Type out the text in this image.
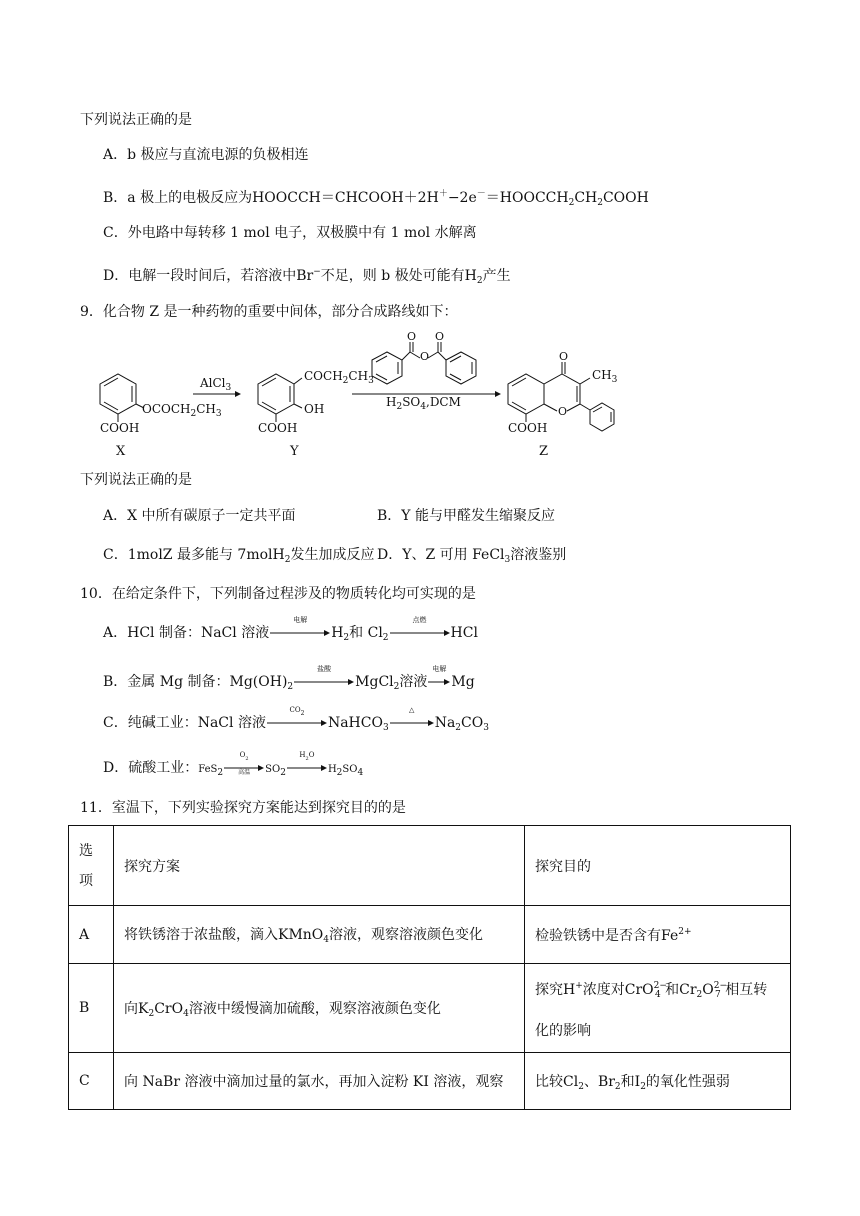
下列说法正确的是
A．b 极应与直流电源的负极相连
B．a 极上的电极反应为$HOOCCH=CHCOOH+2H^+-2e^-=HOOCCH_2CH_2COOH$
C．外电路中每转移 1 mol 电子，双极膜中有 1 mol 水解离
D．电解一段时间后，若溶液中Br−不足，则 b 极处可能有$H_2$产生
9．化合物 Z 是一种药物的重要中间体，部分合成路线如下：
$OCOCH_2CH_3$
COOH
X
AlCl$_3$
$COCH_2CH_3$
OH
COOH
Y
O
O O
$H_2SO_4,DCM$
O
O
$CH_3$
COOH
Z
下列说法正确的是
A．X 中所有碳原子一定共平面	B．Y 能与甲醛发生缩聚反应
C．1molZ 最多能与 7molH$_2$发生加成反应 D．Y、Z 可用 FeCl$_3$溶液鉴别
10．在给定条件下，下列制备过程涉及的物质转化均可实现的是
A．HCl 制备：NaCl 溶液
电解
$H_2$和 $Cl_2$
点燃
HCl
B．金属 Mg 制备：$Mg(OH)_2$
盐酸
MgCl$_2$溶液
电解
Mg
C．纯碱工业：NaCl 溶液
$CO_2$
NaHCO$_3$
△
$Na_2CO_3$
D．硫酸工业：FeS$_2$
$O_2$
高温	$SO_2$
$H_2O$
$H_2SO_4$
11．室温下，下列实验探究方案能达到探究目的的是
选
项	探究方案	探究目的
A	将铁锈溶于浓盐酸，滴入KMnO$_4$溶液，观察溶液颜色变化	检验铁锈中是否含有$Fe^{2+}$
B	向$K_2CrO_4$溶液中缓慢滴加硫酸，观察溶液颜色变化	探究H+浓度对CrO$^{2-}_4$ 和$Cr_2O^{2-}_7$ 相互转
化的影响

C	向 NaBr 溶液中滴加过量的氯水，再加入淀粉 KI 溶液，观察	比较$Cl_2$、$Br_2$和$I_2$的氧化性强弱
